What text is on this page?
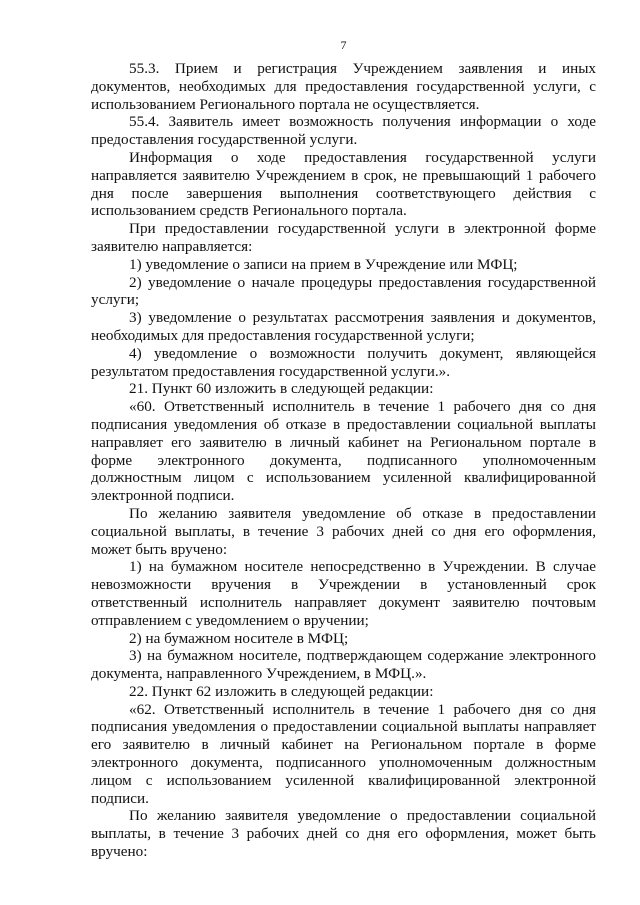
7

55.3. Прием и регистрация Учреждением заявления и иных документов, необходимых для предоставления государственной услуги, с использованием Регионального портала не осуществляется.

55.4. Заявитель имеет возможность получения информации о ходе предоставления государственной услуги.

Информация о ходе предоставления государственной услуги направляется заявителю Учреждением в срок, не превышающий 1 рабочего дня после завершения выполнения соответствующего действия с использованием средств Регионального портала.

При предоставлении государственной услуги в электронной форме заявителю направляется:

1) уведомление о записи на прием в Учреждение или МФЦ;

2) уведомление о начале процедуры предоставления государственной услуги;

3) уведомление о результатах рассмотрения заявления и документов, необходимых для предоставления государственной услуги;

4) уведомление о возможности получить документ, являющейся результатом предоставления государственной услуги.».

21. Пункт 60 изложить в следующей редакции:

«60. Ответственный исполнитель в течение 1 рабочего дня со дня подписания уведомления об отказе в предоставлении социальной выплаты направляет его заявителю в личный кабинет на Региональном портале в форме электронного документа, подписанного уполномоченным должностным лицом с использованием усиленной квалифицированной электронной подписи.

По желанию заявителя уведомление об отказе в предоставлении социальной выплаты, в течение 3 рабочих дней со дня его оформления, может быть вручено:

1) на бумажном носителе непосредственно в Учреждении. В случае невозможности вручения в Учреждении в установленный срок ответственный исполнитель направляет документ заявителю почтовым отправлением с уведомлением о вручении;

2) на бумажном носителе в МФЦ;

3) на бумажном носителе, подтверждающем содержание электронного документа, направленного Учреждением, в МФЦ.».

22. Пункт 62 изложить в следующей редакции:

«62. Ответственный исполнитель в течение 1 рабочего дня со дня подписания уведомления о предоставлении социальной выплаты направляет его заявителю в личный кабинет на Региональном портале в форме электронного документа, подписанного уполномоченным должностным лицом с использованием усиленной квалифицированной электронной подписи.

По желанию заявителя уведомление о предоставлении социальной выплаты, в течение 3 рабочих дней со дня его оформления, может быть вручено:
